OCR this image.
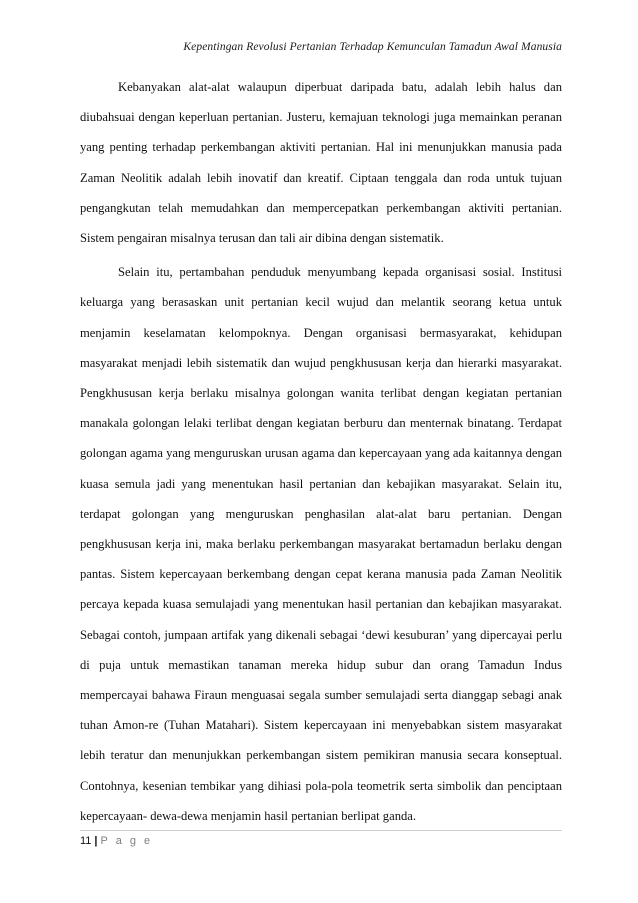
Kepentingan Revolusi Pertanian Terhadap Kemunculan Tamadun Awal Manusia

Kebanyakan alat-alat walaupun diperbuat daripada batu, adalah lebih halus dan diubahsuai dengan keperluan pertanian. Justeru, kemajuan teknologi juga memainkan peranan yang penting terhadap perkembangan aktiviti pertanian. Hal ini menunjukkan manusia pada Zaman Neolitik adalah lebih inovatif dan kreatif. Ciptaan tenggala dan roda untuk tujuan pengangkutan telah memudahkan dan mempercepatkan perkembangan aktiviti pertanian. Sistem pengairan misalnya terusan dan tali air dibina dengan sistematik.

Selain itu, pertambahan penduduk menyumbang kepada organisasi sosial. Institusi keluarga yang berasaskan unit pertanian kecil wujud dan melantik seorang ketua untuk menjamin keselamatan kelompoknya. Dengan organisasi bermasyarakat, kehidupan masyarakat menjadi lebih sistematik dan wujud pengkhususan kerja dan hierarki masyarakat. Pengkhususan kerja berlaku misalnya golongan wanita terlibat dengan kegiatan pertanian manakala golongan lelaki terlibat dengan kegiatan berburu dan menternak binatang. Terdapat golongan agama yang menguruskan urusan agama dan kepercayaan yang ada kaitannya dengan kuasa semula jadi yang menentukan hasil pertanian dan kebajikan masyarakat. Selain itu, terdapat golongan yang menguruskan penghasilan alat-alat baru pertanian. Dengan pengkhususan kerja ini, maka berlaku perkembangan masyarakat bertamadun berlaku dengan pantas. Sistem kepercayaan berkembang dengan cepat kerana manusia pada Zaman Neolitik percaya kepada kuasa semulajadi yang menentukan hasil pertanian dan kebajikan masyarakat. Sebagai contoh, jumpaan artifak yang dikenali sebagai ‘dewi kesuburan’ yang dipercayai perlu di puja untuk memastikan tanaman mereka hidup subur dan orang Tamadun Indus mempercayai bahawa Firaun menguasai segala sumber semulajadi serta dianggap sebagi anak tuhan Amon-re (Tuhan Matahari). Sistem kepercayaan ini menyebabkan sistem masyarakat lebih teratur dan menunjukkan perkembangan sistem pemikiran manusia secara konseptual. Contohnya, kesenian tembikar yang dihiasi pola-pola teometrik serta simbolik dan penciptaan kepercayaan- dewa-dewa menjamin hasil pertanian berlipat ganda.

11 | P a g e
